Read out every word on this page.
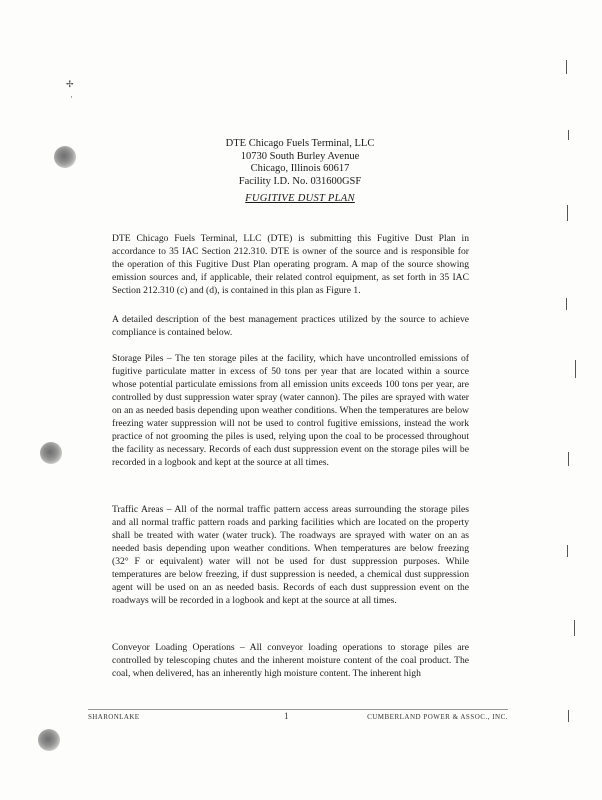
✢
·
DTE Chicago Fuels Terminal, LLC
10730 South Burley Avenue
Chicago, Illinois 60617
Facility I.D. No. 031600GSF
FUGITIVE DUST PLAN

DTE Chicago Fuels Terminal, LLC (DTE) is submitting this Fugitive Dust Plan in accordance to 35 IAC Section 212.310. DTE is owner of the source and is responsible for the operation of this Fugitive Dust Plan operating program. A map of the source showing emission sources and, if applicable, their related control equipment, as set forth in 35 IAC Section 212.310 (c) and (d), is contained in this plan as Figure 1.

A detailed description of the best management practices utilized by the source to achieve compliance is contained below.

Storage Piles – The ten storage piles at the facility, which have uncontrolled emissions of fugitive particulate matter in excess of 50 tons per year that are located within a source whose potential particulate emissions from all emission units exceeds 100 tons per year, are controlled by dust suppression water spray (water cannon). The piles are sprayed with water on an as needed basis depending upon weather conditions. When the temperatures are below freezing water suppression will not be used to control fugitive emissions, instead the work practice of not grooming the piles is used, relying upon the coal to be processed throughout the facility as necessary. Records of each dust suppression event on the storage piles will be recorded in a logbook and kept at the source at all times.

Traffic Areas – All of the normal traffic pattern access areas surrounding the storage piles and all normal traffic pattern roads and parking facilities which are located on the property shall be treated with water (water truck). The roadways are sprayed with water on an as needed basis depending upon weather conditions. When temperatures are below freezing (32° F or equivalent) water will not be used for dust suppression purposes. While temperatures are below freezing, if dust suppression is needed, a chemical dust suppression agent will be used on an as needed basis. Records of each dust suppression event on the roadways will be recorded in a logbook and kept at the source at all times.

Conveyor Loading Operations – All conveyor loading operations to storage piles are controlled by telescoping chutes and the inherent moisture content of the coal product. The coal, when delivered, has an inherently high moisture content. The inherent high

SHARONLAKE	1	CUMBERLAND POWER & ASSOC., INC.
